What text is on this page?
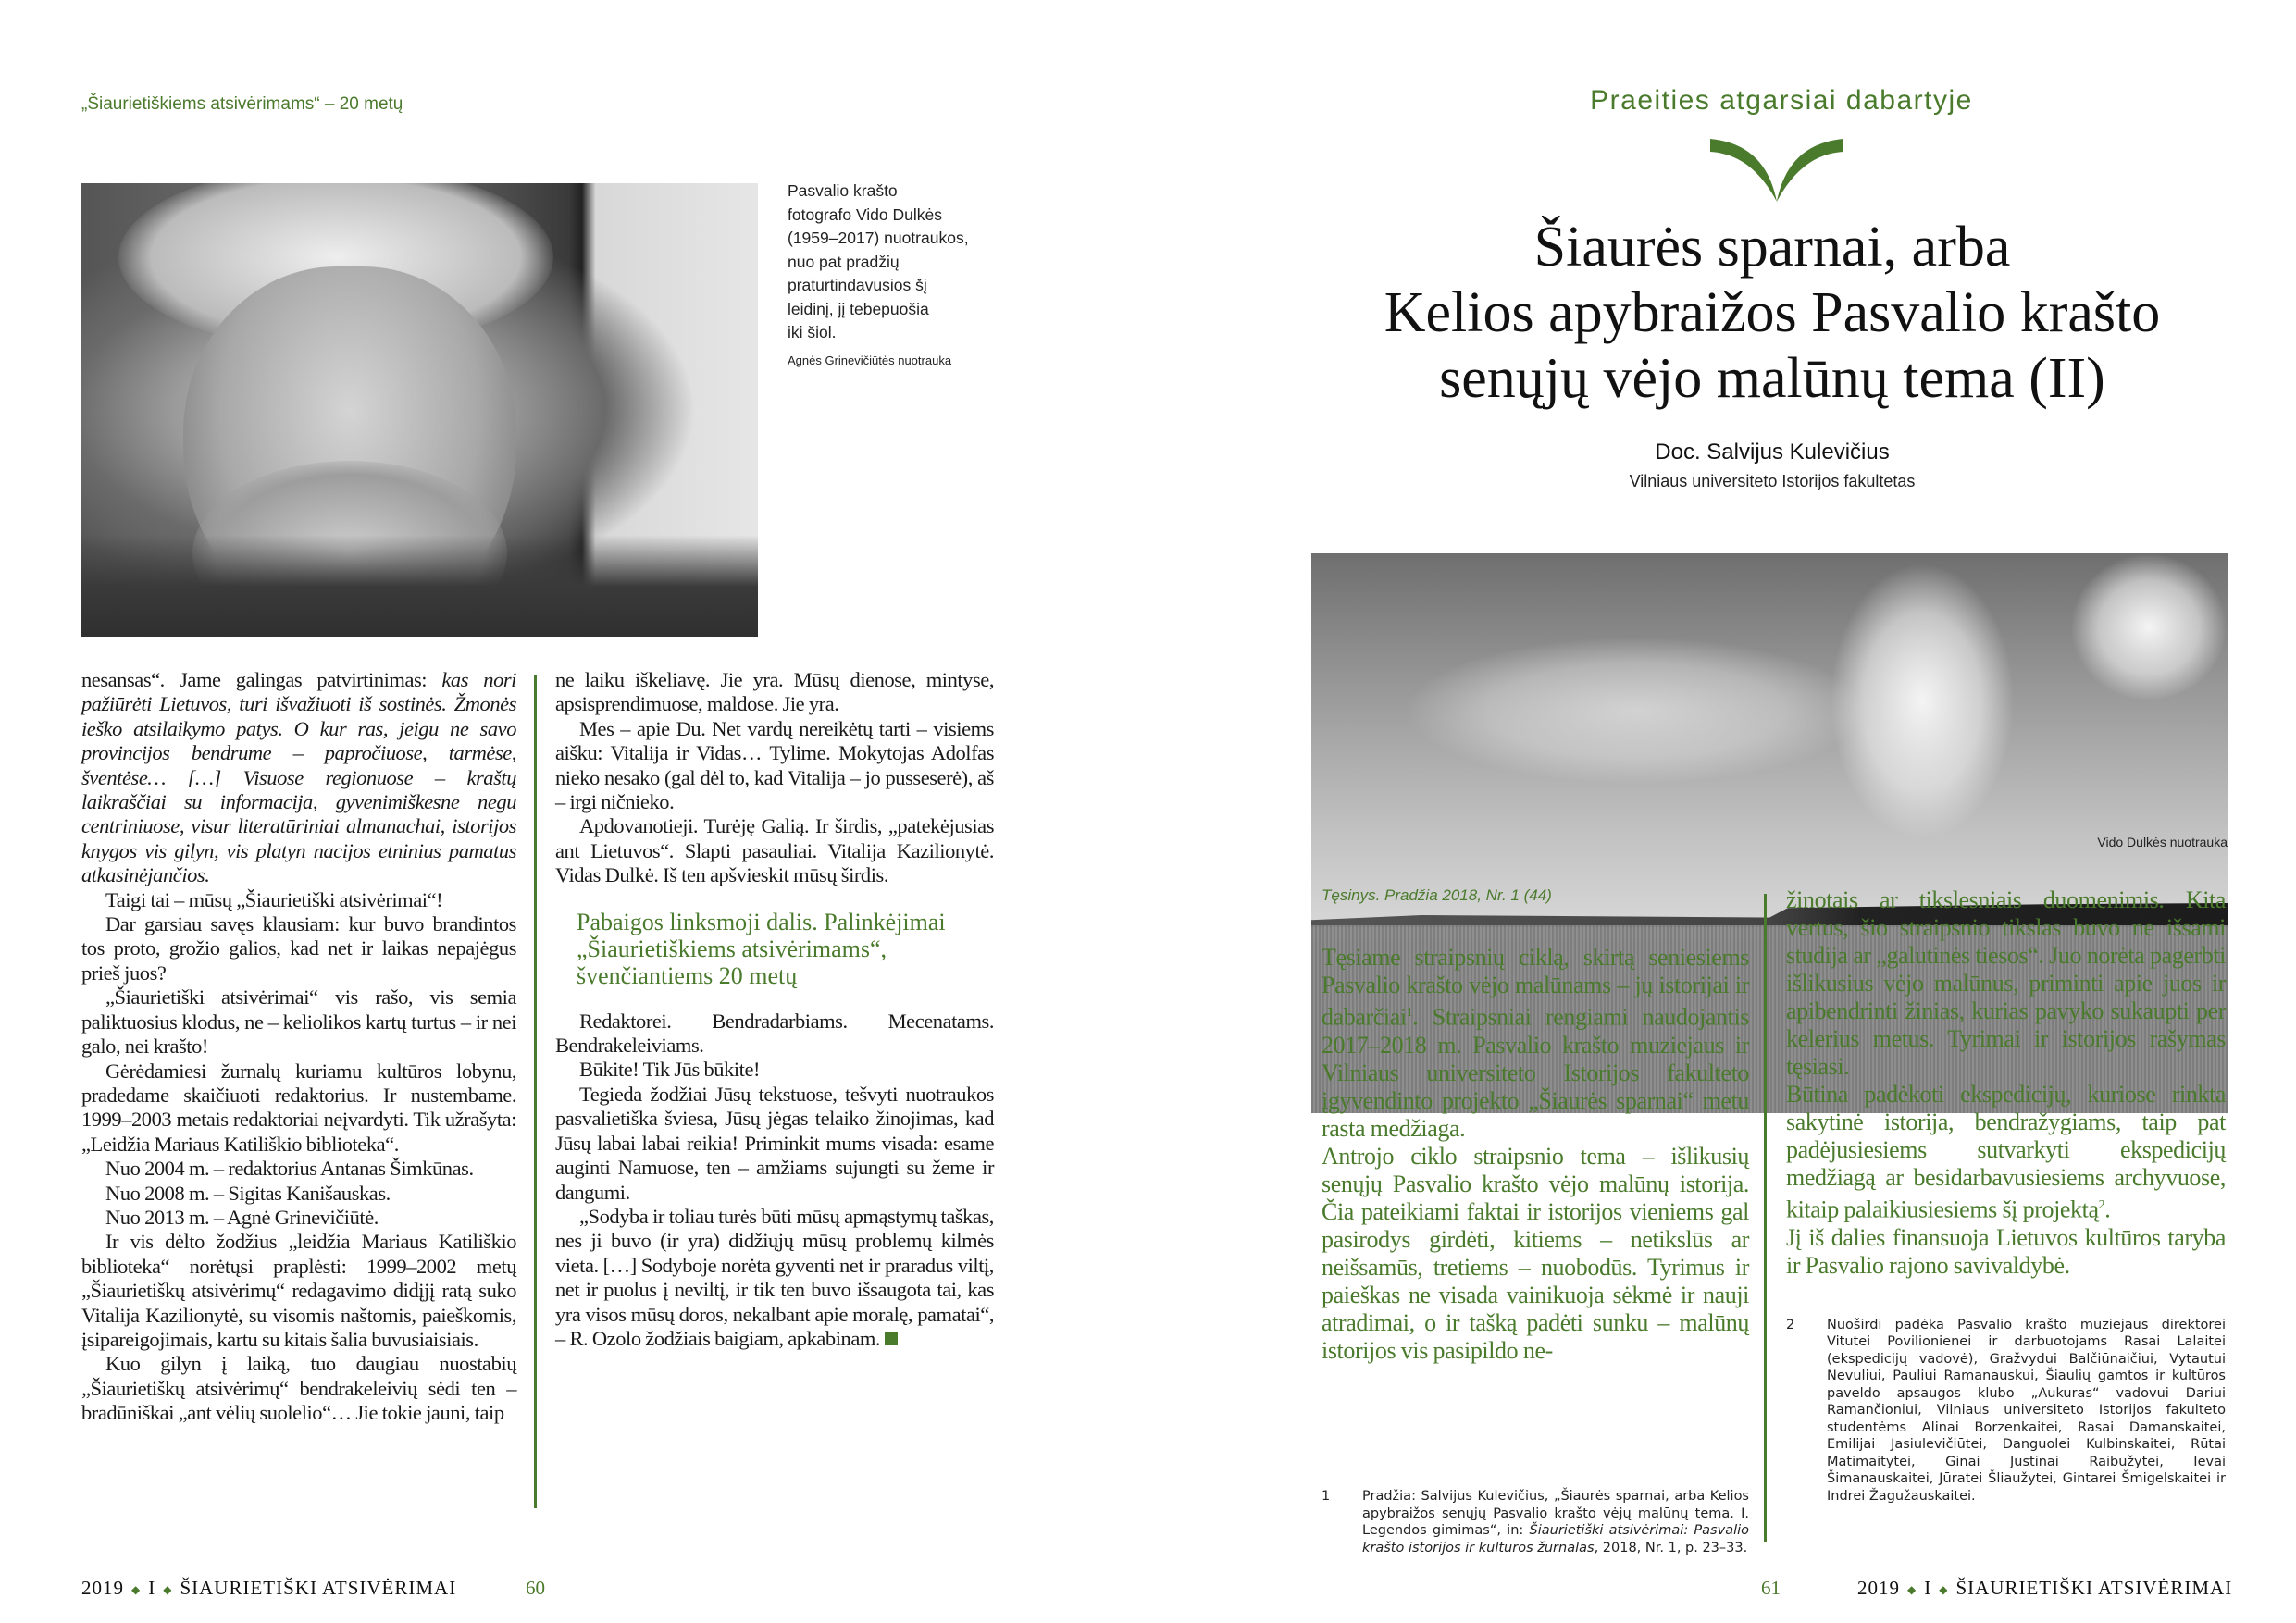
„Šiaurietiškiems atsivėrimams“ – 20 metų
Pasvalio krašto
fotografo Vido Dulkės
(1959–2017) nuotraukos,
nuo pat pradžių
praturtindavusios šį
leidinį, jį tebepuošia
iki šiol.
Agnės Grinevičiūtės nuotrauka

nesansas“. Jame galingas patvirtinimas: kas nori pažiūrėti Lietuvos, turi išvažiuoti iš sostinės. Žmonės ieško atsilaikymo patys. O kur ras, jeigu ne savo provincijos bendrume – papročiuose, tarmėse, šventėse… […] Visuose regionuose – kraštų laikraščiai su informacija, gyvenimiškesne negu centriniuose, visur literatūriniai almanachai, istorijos knygos vis gilyn, vis platyn nacijos etninius pamatus atkasinėjančios.

Taigi tai – mūsų „Šiaurietiški atsivėrimai“!

Dar garsiau savęs klausiam: kur buvo brandintos tos proto, grožio galios, kad net ir laikas nepajėgus prieš juos?

„Šiaurietiški atsivėrimai“ vis rašo, vis semia paliktuosius klodus, ne – keliolikos kartų turtus – ir nei galo, nei krašto!

Gėrėdamiesi žurnalų kuriamu kultūros lobynu, pradedame skaičiuoti redaktorius. Ir nustembame. 1999–2003 metais redaktoriai neįvardyti. Tik užrašyta: „Leidžia Mariaus Katiliškio biblioteka“.

Nuo 2004 m. – redaktorius Antanas Šimkūnas.

Nuo 2008 m. – Sigitas Kanišauskas.

Nuo 2013 m. – Agnė Grinevičiūtė.

Ir vis dėlto žodžius „leidžia Mariaus Katiliškio biblioteka“ norėtųsi praplėsti: 1999–2002 metų „Šiaurietiškų atsivėrimų“ redagavimo didįjį ratą suko Vitalija Kazilionytė, su visomis naštomis, paieškomis, įsipareigojimais, kartu su kitais šalia buvusiaisiais.

Kuo gilyn į laiką, tuo daugiau nuostabių „Šiaurietiškų atsivėrimų“ bendrakeleivių sėdi ten – bradūniškai „ant vėlių suolelio“… Jie tokie jauni, taip

ne laiku iškeliavę. Jie yra. Mūsų dienose, mintyse, apsisprendimuose, maldose. Jie yra.

Mes – apie Du. Net vardų nereikėtų tarti – visiems aišku: Vitalija ir Vidas… Tylime. Mokytojas Adolfas nieko nesako (gal dėl to, kad Vitalija – jo pusseserė), aš – irgi ničnieko.

Apdovanotieji. Turėję Galią. Ir širdis, „patekėjusias ant Lietuvos“. Slapti pasauliai. Vitalija Kazilionytė. Vidas Dulkė. Iš ten apšvieskit mūsų širdis.

Pabaigos linksmoji dalis. Palinkėjimai „Šiaurietiškiems atsivėrimams“, švenčiantiems 20 metų

Redaktorei. Bendradarbiams. Mecenatams. Bendrakeleiviams.

Būkite! Tik Jūs būkite!

Tegieda žodžiai Jūsų tekstuose, tešvyti nuotraukos pasvalietiška šviesa, Jūsų jėgas telaiko žinojimas, kad Jūsų labai labai reikia! Priminkit mums visada: esame auginti Namuose, ten – amžiams sujungti su žeme ir dangumi.

„Sodyba ir toliau turės būti mūsų apmąstymų taškas, nes ji buvo (ir yra) didžiųjų mūsų problemų kilmės vieta. […] Sodyboje norėta gyventi net ir praradus viltį, net ir puolus į neviltį, ir tik ten buvo išsaugota tai, kas yra visos mūsų doros, nekalbant apie moralę, pamatai“, – R. Ozolo žodžiais baigiam, apkabinam.

2019 ◆ I ◆ ŠIAURIETIŠKI ATSIVĖRIMAI	60
Praeities atgarsiai dabartyje
Šiaurės sparnai, arba
Kelios apybraižos Pasvalio krašto
senųjų vėjo malūnų tema (II)
Doc. Salvijus Kulevičius
Vilniaus universiteto Istorijos fakultetas
Vido Dulkės nuotrauka
Tęsinys. Pradžia 2018, Nr. 1 (44)

Tęsiame straipsnių ciklą, skirtą seniesiems Pasvalio krašto vėjo malūnams – jų istorijai ir dabarčiai$^1$. Straipsniai rengiami naudojantis 2017–2018 m. Pasvalio krašto muziejaus ir Vilniaus universiteto Istorijos fakulteto įgyvendinto projekto „Šiaurės sparnai“ metu rasta medžiaga.

Antrojo ciklo straipsnio tema – išlikusių senųjų Pasvalio krašto vėjo malūnų istorija. Čia pateikiami faktai ir istorijos vieniems gal pasirodys girdėti, kitiems – netikslūs ar neišsamūs, tretiems – nuobodūs. Tyrimus ir paieškas ne visada vainikuoja sėkmė ir nauji atradimai, o ir tašką padėti sunku – malūnų istorijos vis pasipildo ne-

1 Pradžia: Salvijus Kulevičius, „Šiaurės sparnai, arba Kelios apybraižos senųjų Pasvalio krašto vėjų malūnų tema. I. Legendos gimimas“, in: Šiaurietiški atsivėrimai: Pasvalio krašto istorijos ir kultūros žurnalas, 2018, Nr. 1, p. 23–33.

žinotais ar tikslesniais duomenimis. Kita vertus, šio straipsnio tikslas buvo ne išsami studija ar „galutinės tiesos“. Juo norėta pagerbti išlikusius vėjo malūnus, priminti apie juos ir apibendrinti žinias, kurias pavyko sukaupti per kelerius metus. Tyrimai ir istorijos rašymas tęsiasi.

Būtina padėkoti ekspedicijų, kuriose rinkta sakytinė istorija, bendražygiams, taip pat padėjusiesiems sutvarkyti ekspedicijų medžiagą ar besidarbavusiesiems archyvuose, kitaip palaikiusiesiems šį projektą$^2$.

Jį iš dalies finansuoja Lietuvos kultūros taryba ir Pasvalio rajono savivaldybė.

2 Nuoširdi padėka Pasvalio krašto muziejaus direktorei Vitutei Povilionienei ir darbuotojams Rasai Lalaitei (ekspedicijų vadovė), Gražvydui Balčiūnaičiui, Vytautui Nevuliui, Pauliui Ramanauskui, Šiaulių gamtos ir kultūros paveldo apsaugos klubo „Aukuras“ vadovui Dariui Ramančioniui, Vilniaus universiteto Istorijos fakulteto studentėms Alinai Borzenkaitei, Rasai Damanskaitei, Emilijai Jasiulevičiūtei, Danguolei Kulbinskaitei, Rūtai Matimaitytei, Ginai Justinai Raibužytei, Ievai Šimanauskaitei, Jūratei Šliaužytei, Gintarei Šmigelskaitei ir Indrei Žagužauskaitei.
61	2019 ◆ I ◆ ŠIAURIETIŠKI ATSIVĖRIMAI
